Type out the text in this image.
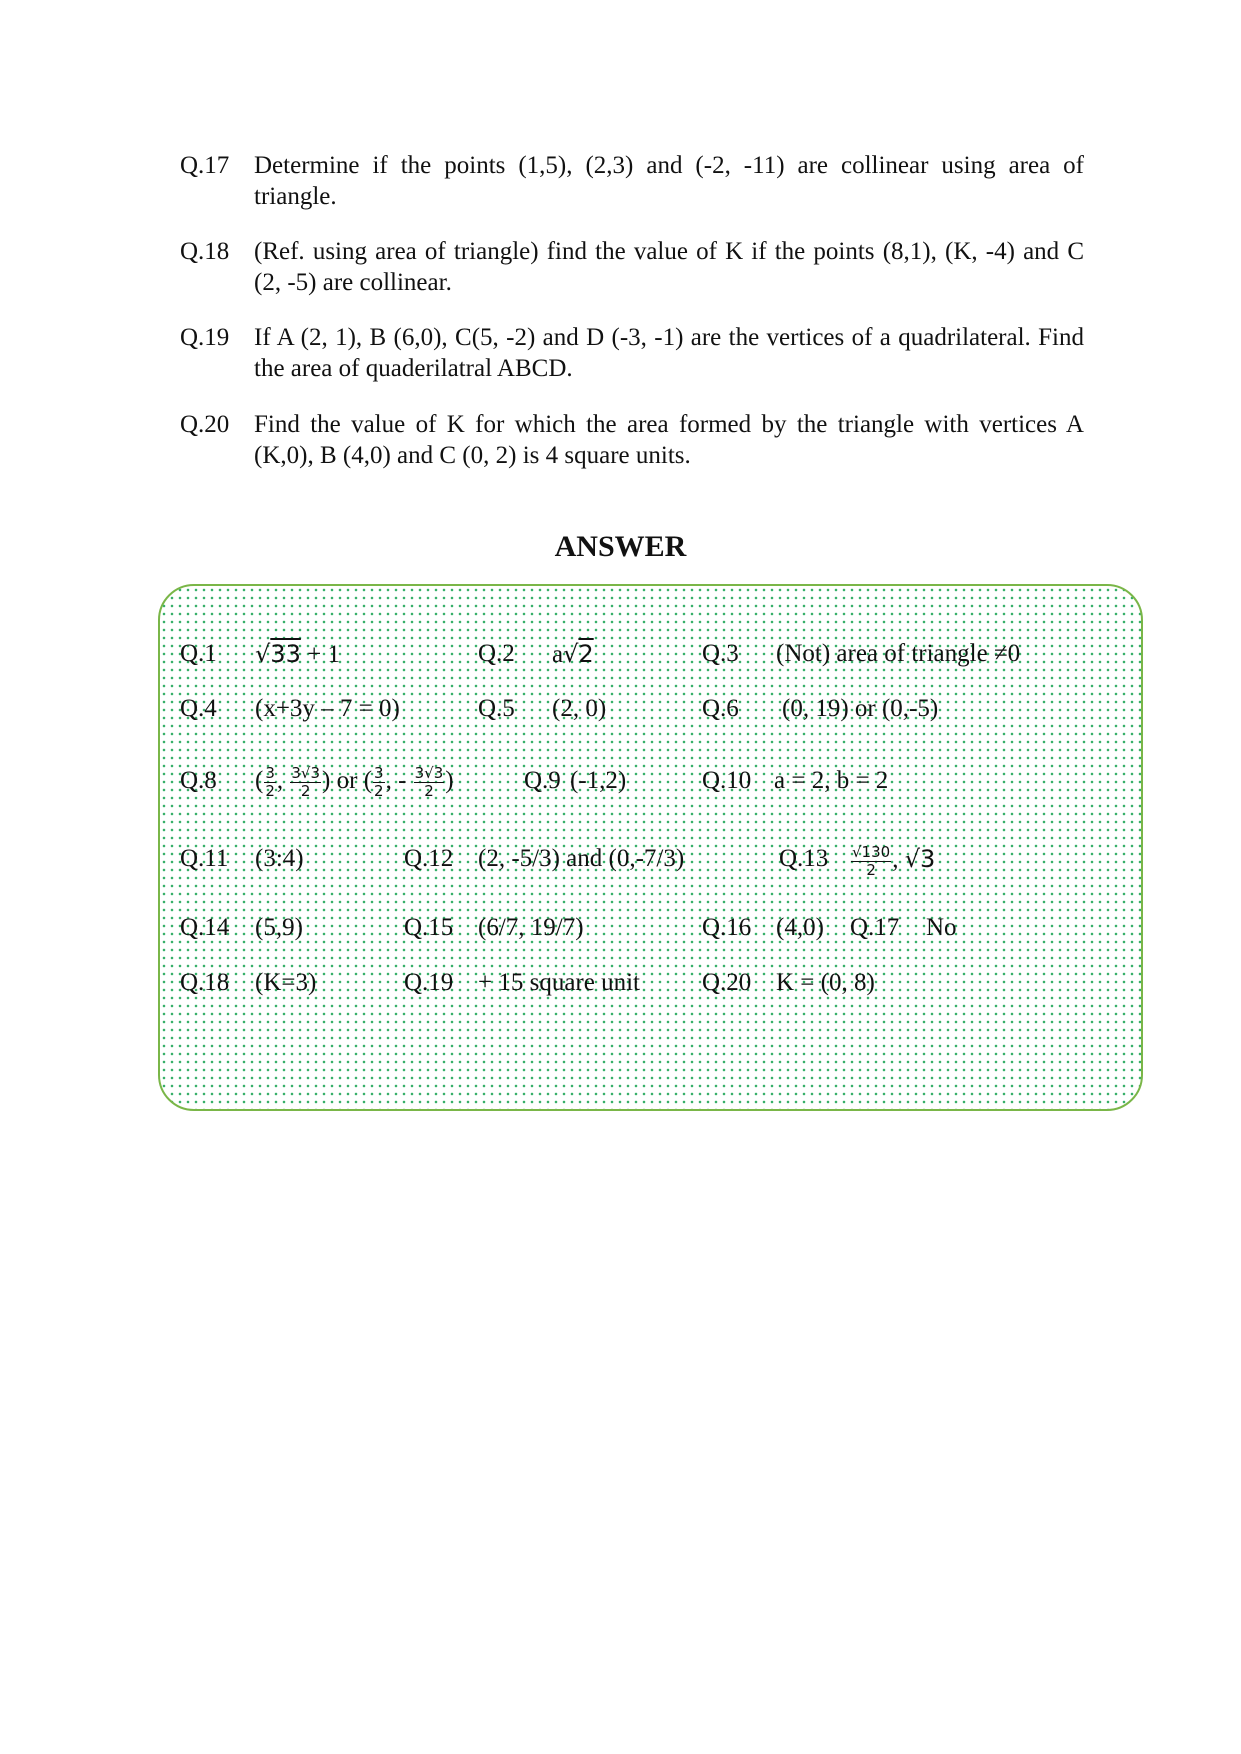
Q.17 Determine if the points (1,5), (2,3) and (-2, -11) are collinear using area of triangle.
Q.18 (Ref. using area of triangle) find the value of K if the points (8,1), (K, -4) and C (2, -5) are collinear.
Q.19 If A (2, 1), B (6,0), C(5, -2) and D (-3, -1) are the vertices of a quadrilateral. Find the area of quaderilatral ABCD.
Q.20 Find the value of K for which the area formed by the triangle with vertices A (K,0), B (4,0) and C (0, 2) is 4 square units.
ANSWER
Q.1 √33 + 1	Q.2 a√2	Q.3 (Not) area of triangle ≠0
Q.4 (x+3y – 7 = 0)	Q.5 (2, 0)	Q.6 (0, 19) or (0,-5)
Q.8 ( $\frac{3}{2}$ , $\frac{3√3}{2}$ ) or ( $\frac{3}{2}$ , - $\frac{3√3}{2}$ )	Q.9 (-1,2)	Q.10 a = 2, b = 2
Q.11 (3:4)	Q.12 (2, -5/3) and (0,-7/3)	$Q.13 \frac{√130}{2}$ , √3
Q.14 (5,9)	Q.15 (6/7, 19/7)	Q.16 (4,0) Q.17 No
Q.18 (K=3)	Q.19 + 15 square unit Q.20 K = (0, 8)
